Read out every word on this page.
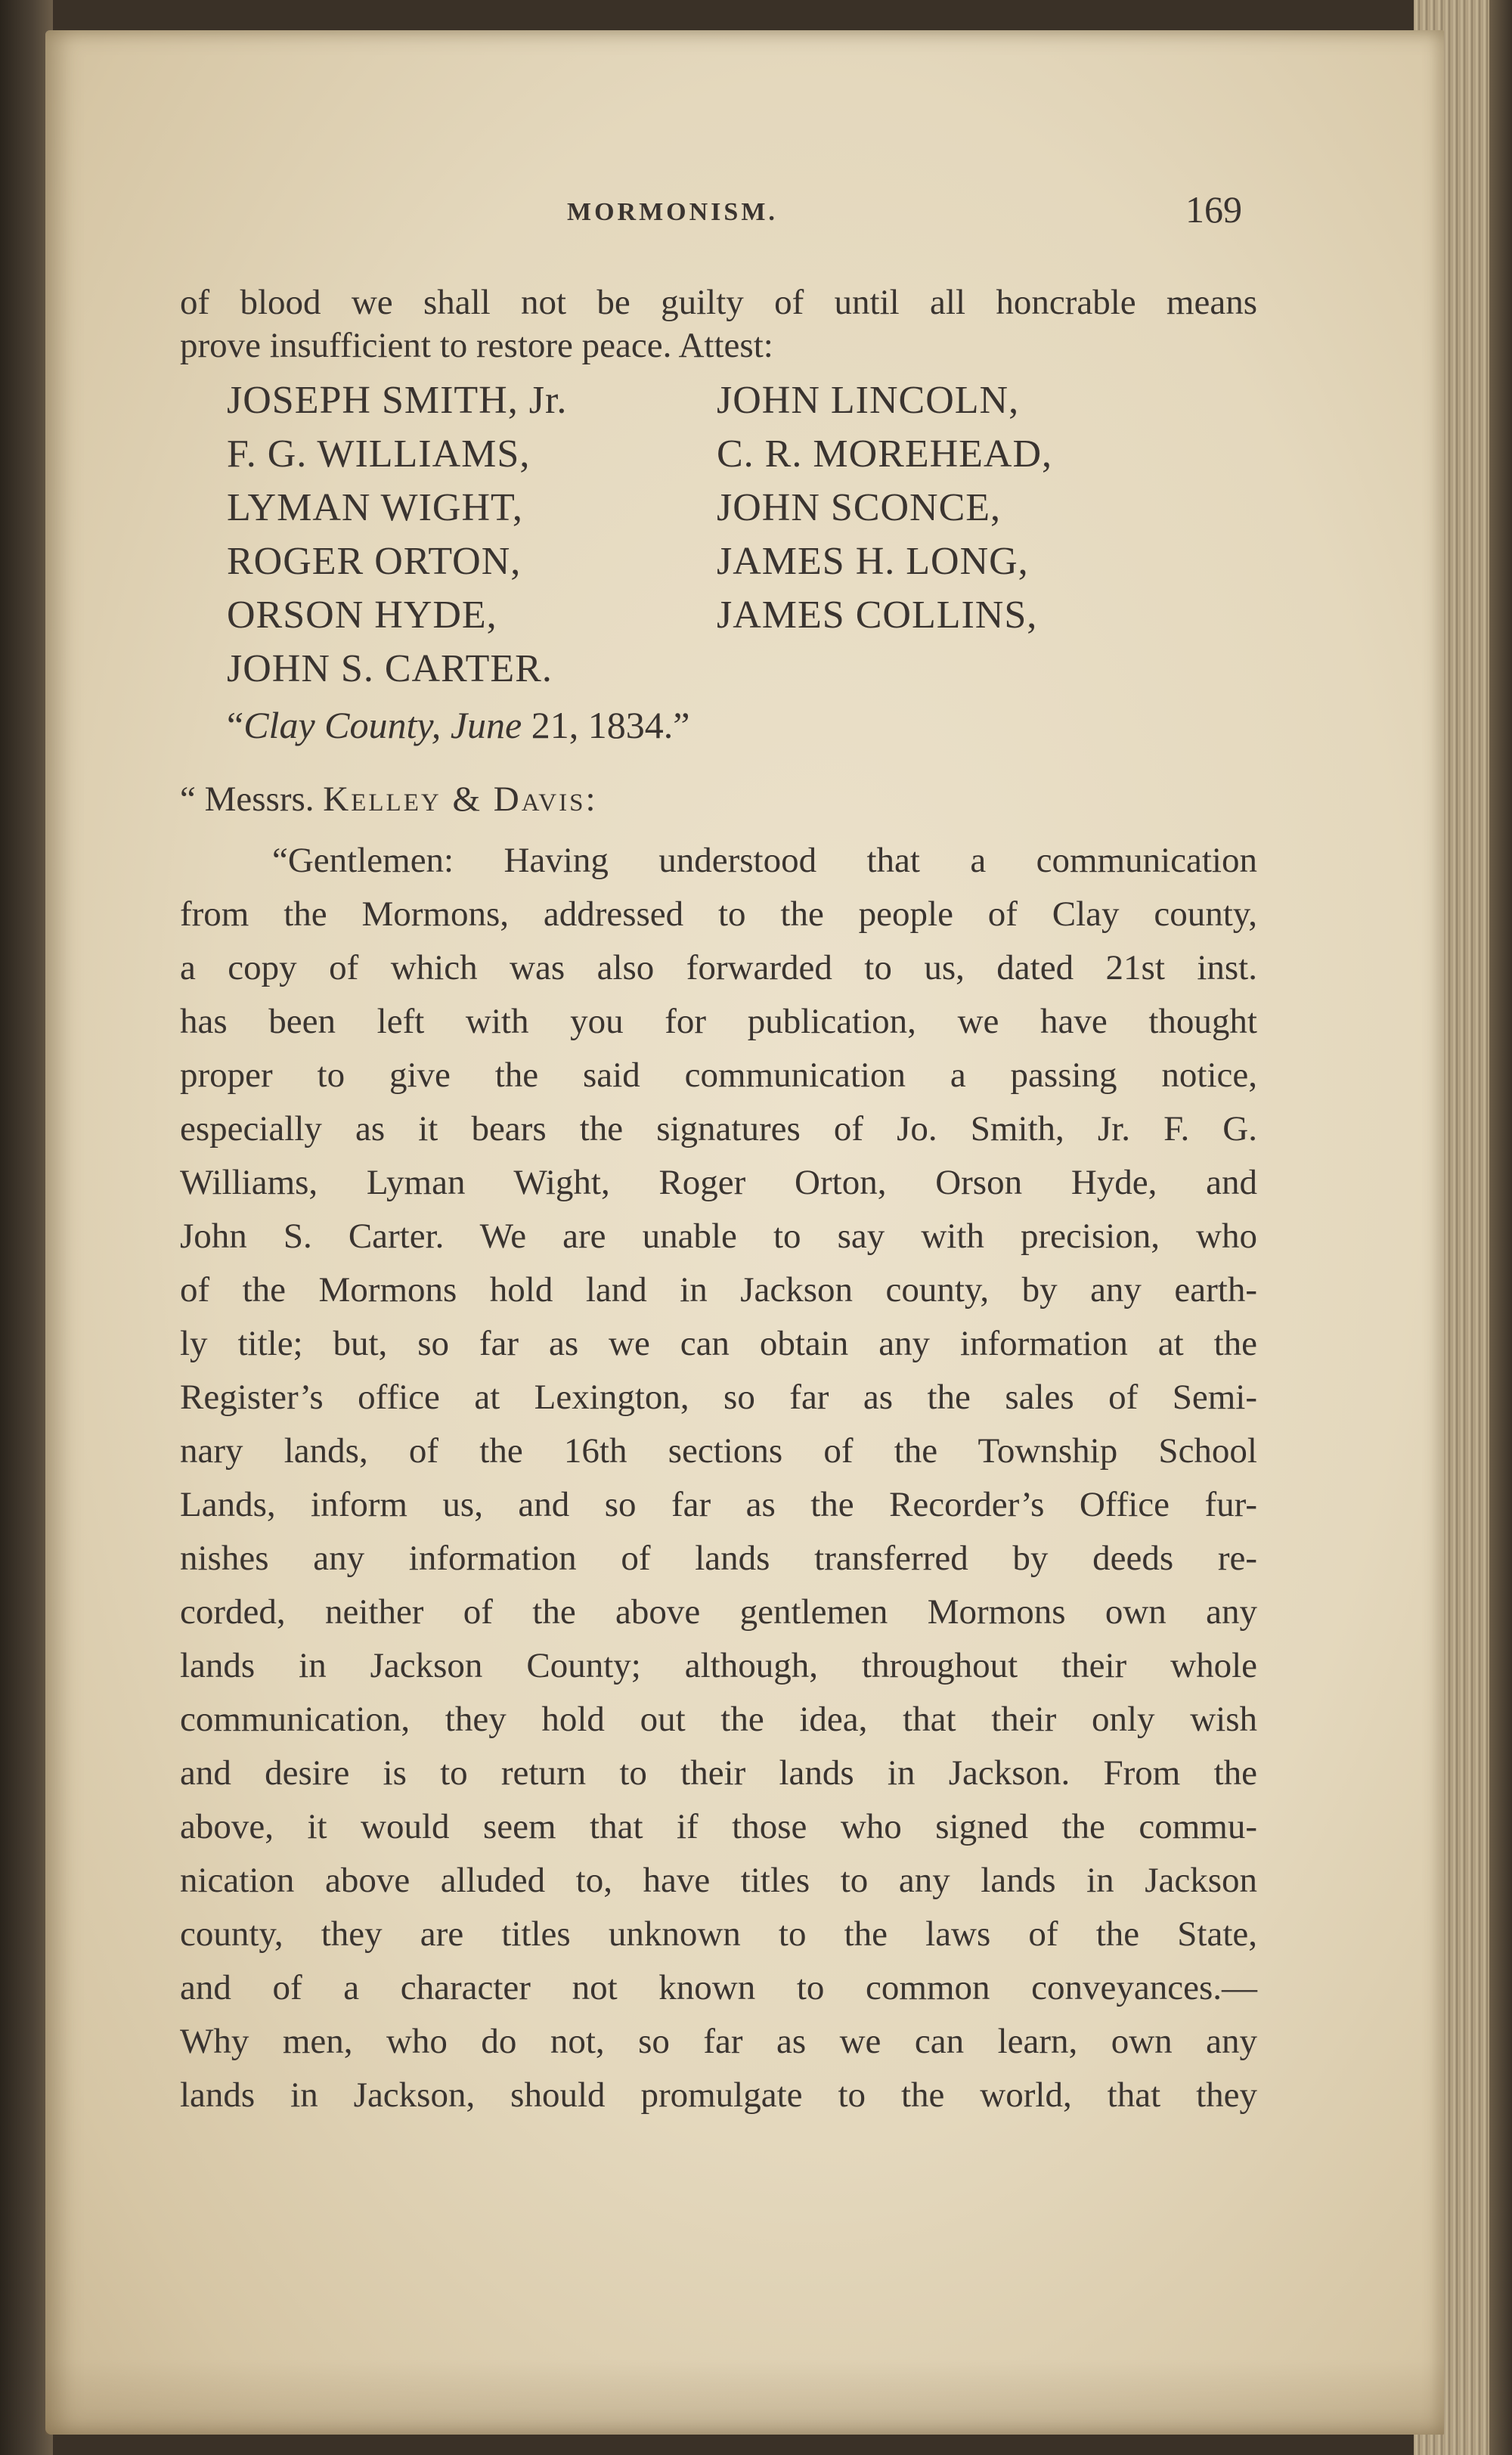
MORMONISM.	169

of blood we shall not be guilty of until all honcrable means

prove insufficient to restore peace. Attest:

JOSEPH SMITH, Jr.
F. G. WILLIAMS,
LYMAN WIGHT,
ROGER ORTON,
ORSON HYDE,
JOHN S. CARTER.
JOHN LINCOLN,
C. R. MOREHEAD,
JOHN SCONCE,
JAMES H. LONG,
JAMES COLLINS,
“Clay County, June 21, 1834.”
“ Messrs. Kelley & Davis:

“Gentlemen: Having understood that a communication

from the Mormons, addressed to the people of Clay county,

a copy of which was also forwarded to us, dated 21st inst.

has been left with you for publication, we have thought

proper to give the said communication a passing notice,

especially as it bears the signatures of Jo. Smith, Jr. F. G.

Williams, Lyman Wight, Roger Orton, Orson Hyde, and

John S. Carter. We are unable to say with precision, who

of the Mormons hold land in Jackson county, by any earth-

ly title; but, so far as we can obtain any information at the

Register’s office at Lexington, so far as the sales of Semi-

nary lands, of the 16th sections of the Township School

Lands, inform us, and so far as the Recorder’s Office fur-

nishes any information of lands transferred by deeds re-

corded, neither of the above gentlemen Mormons own any

lands in Jackson County; although, throughout their whole

communication, they hold out the idea, that their only wish

and desire is to return to their lands in Jackson. From the

above, it would seem that if those who signed the commu-

nication above alluded to, have titles to any lands in Jackson

county, they are titles unknown to the laws of the State,

and of a character not known to common conveyances.—

Why men, who do not, so far as we can learn, own any

lands in Jackson, should promulgate to the world, that they
